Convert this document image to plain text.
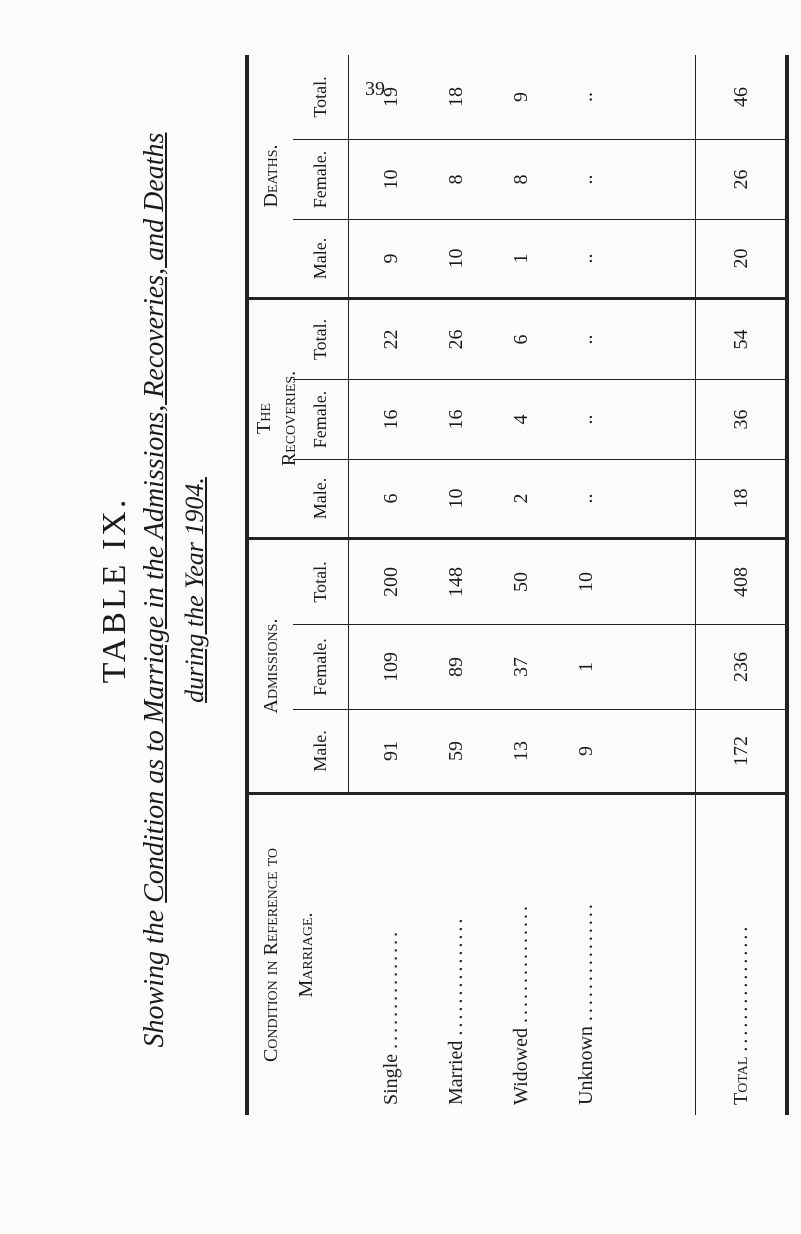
39
TABLE IX.
Showing the Condition as to Marriage in the Admissions, Recoveries, and Deaths during the Year 1904.
Condition in Reference to Marriage.
Admissions.
The Recoveries.
Deaths.
Male.
Female.
Total.
Male.
Female.
Total.
Male.
Female.
Total.
Single ...............
91
109
200
6
16
22
9
10
19
Married ...............
59
89
148
10
16
26
10
8
18
Widowed ...............
13
37
50
2
4
6
1
8
9
Unknown ...............
9
1
10
..
..
..
..
..
..
Total ................
172
236
408
18
36
54
20
26
46
